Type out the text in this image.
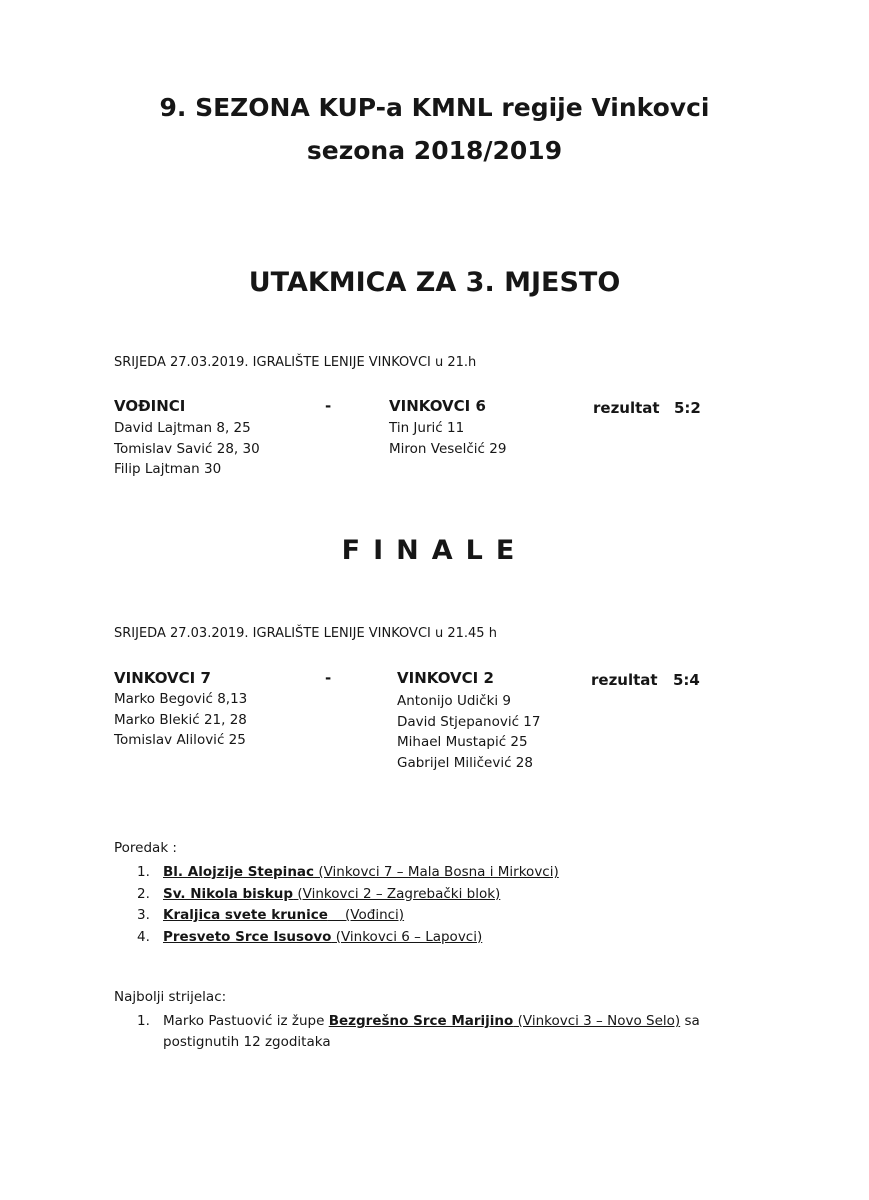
9. SEZONA KUP-a KMNL regije Vinkovci
sezona 2018/2019
UTAKMICA ZA 3. MJESTO
SRIJEDA 27.03.2019. IGRALIŠTE LENIJE VINKOVCI u 21.h
VOĐINCI	-	VINKOVCI 6	rezultat 5:2
David Lajtman 8, 25
Tomislav Savić 28, 30
Filip Lajtman 30
Tin Jurić 11
Miron Veselčić 29
FINALE
SRIJEDA 27.03.2019. IGRALIŠTE LENIJE VINKOVCI u 21.45 h
VINKOVCI 7	-	VINKOVCI 2	rezultat 5:4
Marko Begović 8,13
Marko Blekić 21, 28
Tomislav Alilović 25
Antonijo Udički 9
David Stjepanović 17
Mihael Mustapić 25
Gabrijel Miličević 28
Poredak :
1. Bl. Alojzije Stepinac (Vinkovci 7 – Mala Bosna i Mirkovci)
2. Sv. Nikola biskup (Vinkovci 2 – Zagrebački blok)
3. Kraljica svete krunice    (Vođinci)
4. Presveto Srce Isusovo (Vinkovci 6 – Lapovci)
Najbolji strijelac:
1. Marko Pastuović iz župe Bezgrešno Srce Marijino (Vinkovci 3 – Novo Selo) sa
postignutih 12 zgoditaka
